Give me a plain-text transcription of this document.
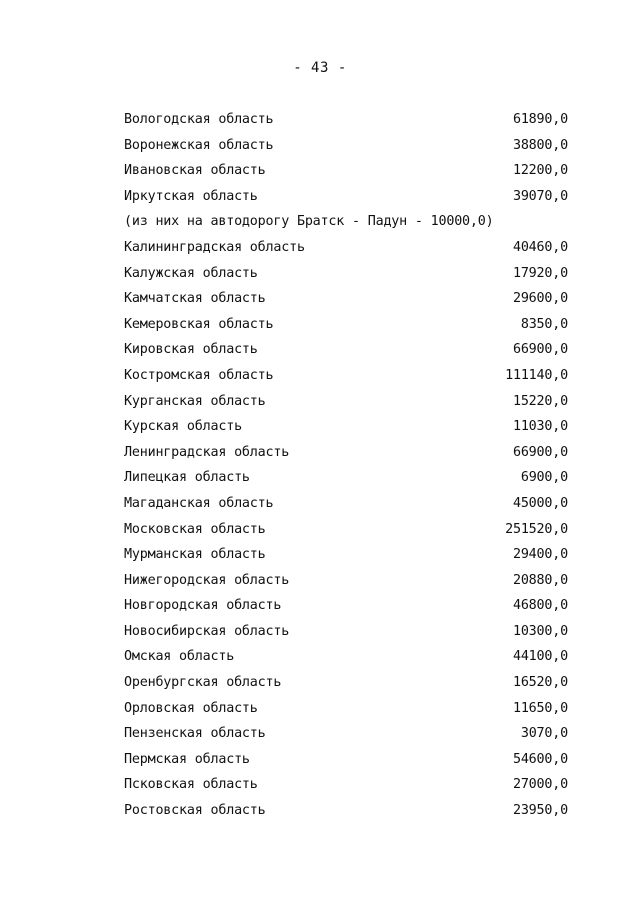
- 43 -
Вологодская область	61890,0
Воронежская область	38800,0
Ивановская область	12200,0
Иркутская область	39070,0
(из них на автодорогу Братск - Падун - 10000,0)
Калининградская область	40460,0
Калужская область	17920,0
Камчатская область	29600,0
Кемеровская область	8350,0
Кировская область	66900,0
Костромская область	111140,0
Курганская область	15220,0
Курская область	11030,0
Ленинградская область	66900,0
Липецкая область	6900,0
Магаданская область	45000,0
Московская область	251520,0
Мурманская область	29400,0
Нижегородская область	20880,0
Новгородская область	46800,0
Новосибирская область	10300,0
Омская область	44100,0
Оренбургская область	16520,0
Орловская область	11650,0
Пензенская область	3070,0
Пермская область	54600,0
Псковская область	27000,0
Ростовская область	23950,0
